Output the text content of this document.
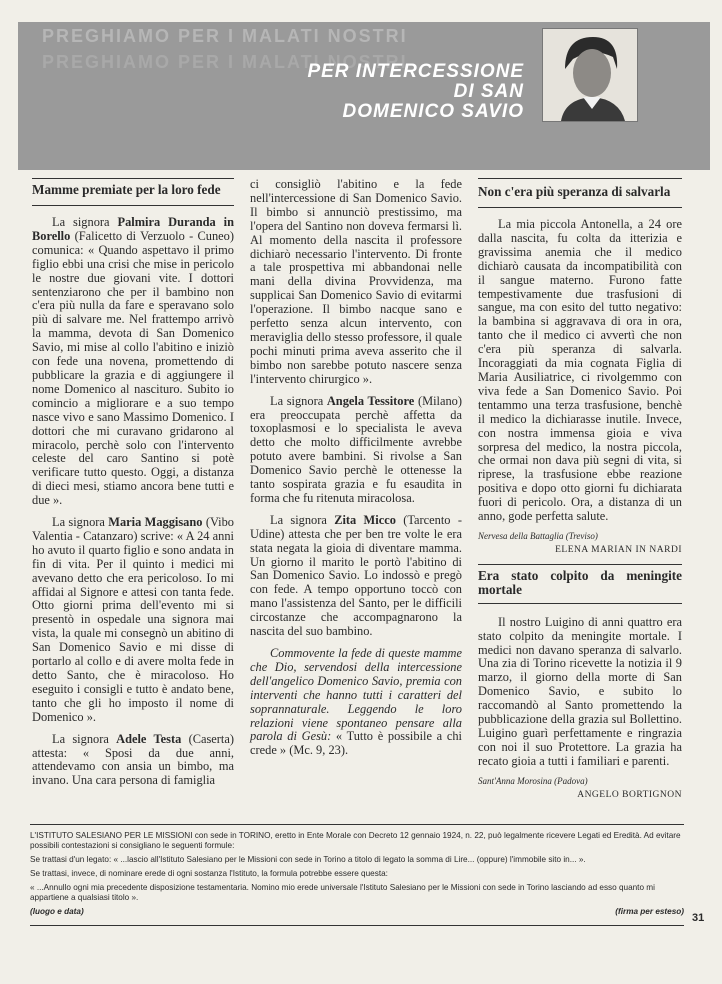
PREGHIAMO PER I MALATI NOSTRI
PREGHIAMO PER I MALATI NOSTRI
PER INTERCESSIONE
DI SAN
DOMENICO SAVIO
Mamme premiate per la loro fede

La signora Palmira Duranda in Borello (Falicetto di Verzuolo - Cuneo) comunica: « Quando aspettavo il primo figlio ebbi una crisi che mise in pericolo le nostre due giovani vite. I dottori sentenziarono che per il bambino non c'era più nulla da fare e speravano solo più di salvare me. Nel frattempo arrivò la mamma, devota di San Domenico Savio, mi mise al collo l'abitino e iniziò con fede una novena, promettendo di pubblicare la grazia e di aggiungere il nome Domenico al nascituro. Subito io comincio a migliorare e a suo tempo nasce vivo e sano Massimo Domenico. I dottori che mi curavano gridarono al miracolo, perchè solo con l'intervento celeste del caro Santino si potè verificare tutto questo. Oggi, a distanza di dieci mesi, stiamo ancora bene tutti e due ».

La signora Maria Maggisano (Vibo Valentia - Catanzaro) scrive: « A 24 anni ho avuto il quarto figlio e sono andata in fin di vita. Per il quinto i medici mi avevano detto che era pericoloso. Io mi affidai al Signore e attesi con tanta fede. Otto giorni prima dell'evento mi si presentò in ospedale una signora mai vista, la quale mi consegnò un abitino di San Domenico Savio e mi disse di portarlo al collo e di avere molta fede in detto Santo, che è miracoloso. Ho eseguito i consigli e tutto è andato bene, tanto che gli ho imposto il nome di Domenico ».

La signora Adele Testa (Caserta) attesta: « Sposi da due anni, attendevamo con ansia un bimbo, ma invano. Una cara persona di famiglia

ci consigliò l'abitino e la fede nell'intercessione di San Domenico Savio. Il bimbo si annunciò prestissimo, ma l'opera del Santino non doveva fermarsi lì. Al momento della nascita il professore dichiarò necessario l'intervento. Di fronte a tale prospettiva mi abbandonai nelle mani della divina Provvidenza, ma supplicai San Domenico Savio di evitarmi l'operazione. Il bimbo nacque sano e perfetto senza alcun intervento, con meraviglia dello stesso professore, il quale pochi minuti prima aveva asserito che il bimbo non sarebbe potuto nascere senza l'intervento chirurgico ».

La signora Angela Tessitore (Milano) era preoccupata perchè affetta da toxoplasmosi e lo specialista le aveva detto che molto difficilmente avrebbe potuto avere bambini. Si rivolse a San Domenico Savio perchè le ottenesse la tanto sospirata grazia e fu esaudita in forma che fu ritenuta miracolosa.

La signora Zita Micco (Tarcento - Udine) attesta che per ben tre volte le era stata negata la gioia di diventare mamma. Un giorno il marito le portò l'abitino di San Domenico Savio. Lo indossò e pregò con fede. A tempo opportuno toccò con mano l'assistenza del Santo, per le difficili circostanze che accompagnarono la nascita del suo bambino.

Commovente la fede di queste mamme che Dio, servendosi della intercessione dell'angelico Domenico Savio, premia con interventi che hanno tutti i caratteri del soprannaturale. Leggendo le loro relazioni viene spontaneo pensare alla parola di Gesù: « Tutto è possibile a chi crede » (Mc. 9, 23).

Non c'era più speranza di salvarla

La mia piccola Antonella, a 24 ore dalla nascita, fu colta da itterizia e gravissima anemia che il medico dichiarò causata da incompatibilità con il sangue materno. Furono fatte tempestivamente due trasfusioni di sangue, ma con esito del tutto negativo: la bambina si aggravava di ora in ora, tanto che il medico ci avvertì che non c'era più speranza di salvarla. Incoraggiati da mia cognata Figlia di Maria Ausiliatrice, ci rivolgemmo con viva fede a San Domenico Savio. Poi tentammo una terza trasfusione, benchè il medico la dichiarasse inutile. Invece, con nostra immensa gioia e viva sorpresa del medico, la nostra piccola, che ormai non dava più segni di vita, si riprese, la trasfusione ebbe reazione positiva e dopo otto giorni fu dichiarata fuori di pericolo. Ora, a distanza di un anno, gode perfetta salute.

Nervesa della Battaglia (Treviso)
ELENA MARIAN IN NARDI
Era stato colpito da meningite mortale

Il nostro Luigino di anni quattro era stato colpito da meningite mortale. I medici non davano speranza di salvarlo. Una zia di Torino ricevette la notizia il 9 marzo, il giorno della morte di San Domenico Savio, e subito lo raccomandò al Santo promettendo la pubblicazione della grazia sul Bollettino. Luigino guarì perfettamente e ringrazia con noi il suo Protettore. La grazia ha recato gioia a tutti i familiari e parenti.

Sant'Anna Morosina (Padova)
ANGELO BORTIGNON
L'ISTITUTO SALESIANO PER LE MISSIONI con sede in TORINO, eretto in Ente Morale con Decreto 12 gennaio 1924, n. 22, può legalmente ricevere Legati ed Eredità. Ad evitare possibili contestazioni si consigliano le seguenti formule:
Se trattasi d'un legato: « ...lascio all'Istituto Salesiano per le Missioni con sede in Torino a titolo di legato la somma di Lire... (oppure) l'immobile sito in... ».
Se trattasi, invece, di nominare erede di ogni sostanza l'Istituto, la formula potrebbe essere questa:
« ...Annullo ogni mia precedente disposizione testamentaria. Nomino mio erede universale l'Istituto Salesiano per le Missioni con sede in Torino lasciando ad esso quanto mi appartiene a qualsiasi titolo ».
(luogo e data)	(firma per esteso)
31
